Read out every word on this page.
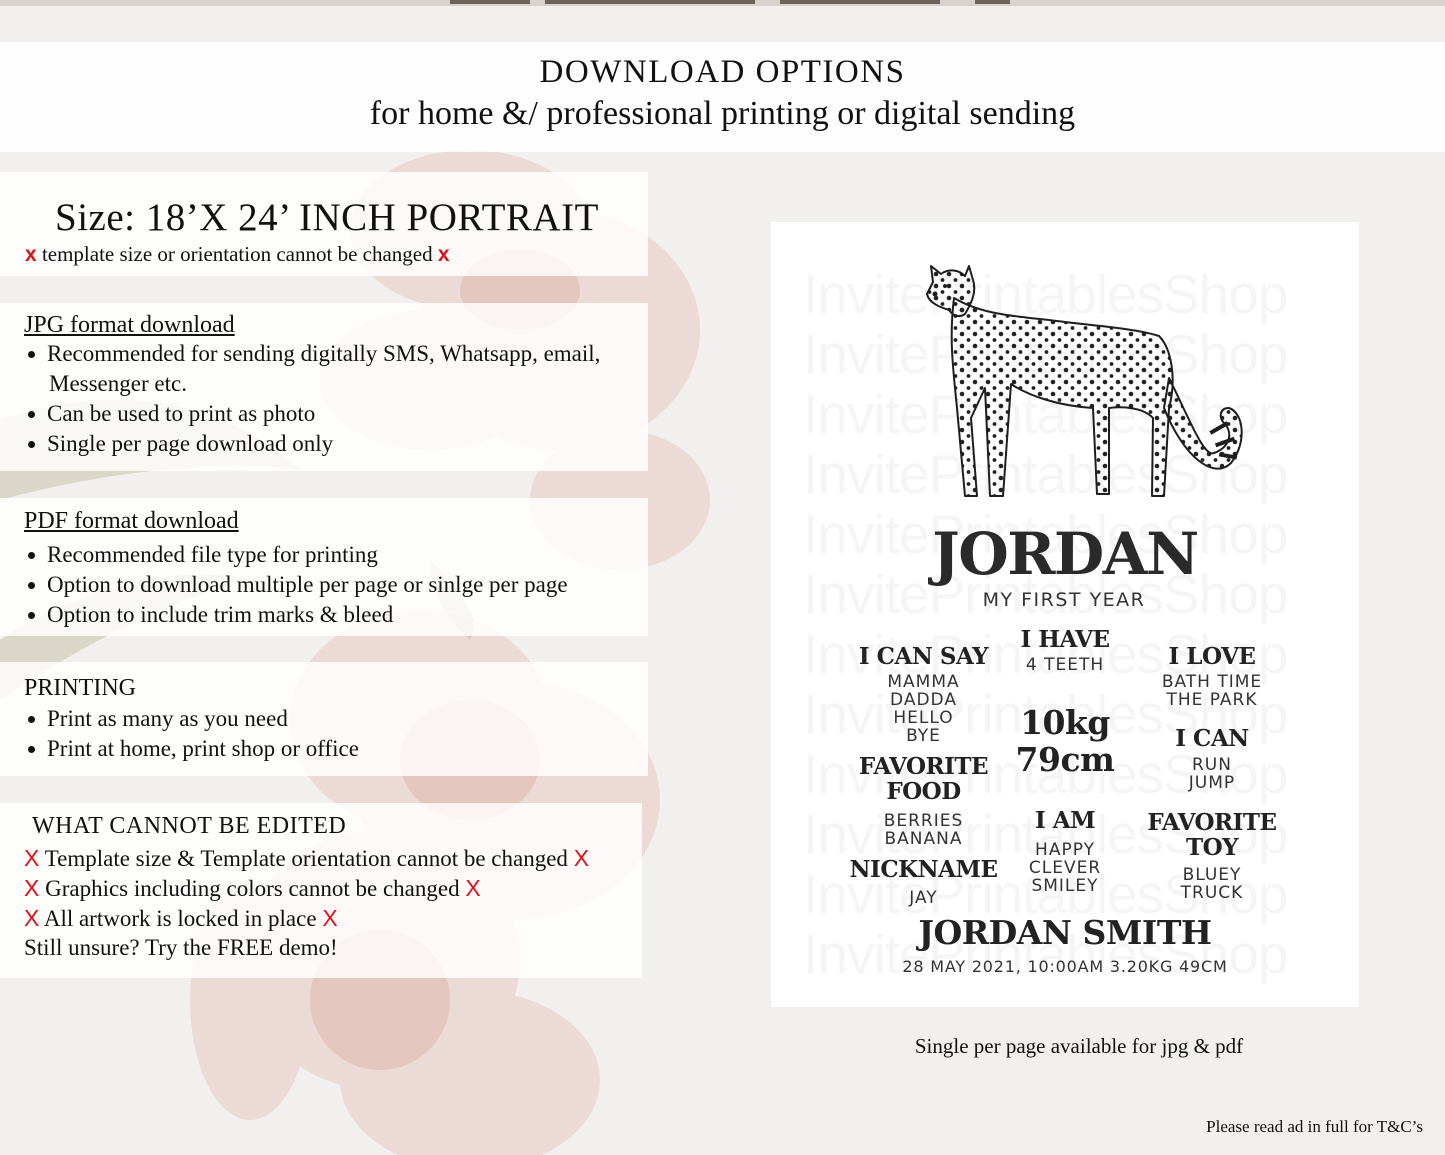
DOWNLOAD OPTIONS
for home &/ professional printing or digital sending
Size: 18’X 24’ INCH PORTRAIT
x template size or orientation cannot be changed x
JPG format download
Recommended for sending digitally SMS, Whatsapp, email,
Messenger etc.
Can be used to print as photo
Single per page download only
PDF format download
Recommended file type for printing
Option to download multiple per page or sinlge per page
Option to include trim marks & bleed
PRINTING
Print as many as you need
Print at home, print shop or office
WHAT CANNOT BE EDITED
X Template size & Template orientation cannot be changed X
X Graphics including colors cannot be changed X
X All artwork is locked in place X
Still unsure? Try the FREE demo!
JORDAN
MY FIRST YEAR
I CAN SAY
MAMMA
DADDA
HELLO
BYE
I HAVE
4 TEETH	I LOVE
BATH TIME
THE PARK
10kg
79cm
I CAN
RUN
JUMP
FAVORITE
FOOD
BERRIES
BANANA
I AM
HAPPY
CLEVER
SMILEY
FAVORITE
TOY
BLUEY
TRUCK
NICKNAME
JAY
JORDAN SMITH
28 MAY 2021, 10:00AM 3.20KG 49CM
Single per page available for jpg & pdf
Please read ad in full for T&C’s
